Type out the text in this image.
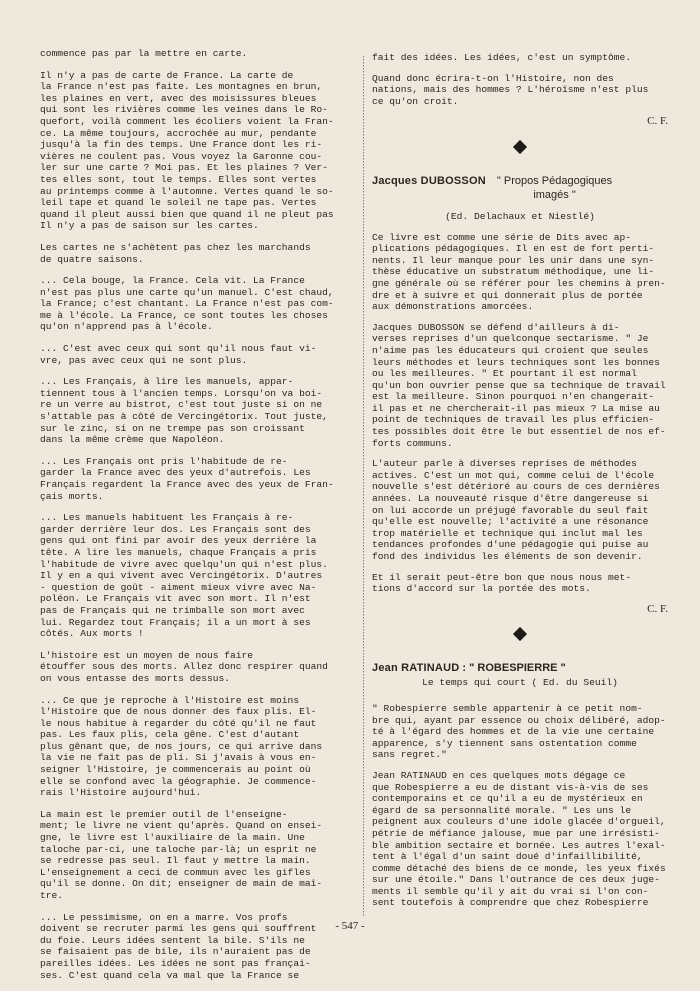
commence pas par la mettre en carte.

Il n'y a pas de carte de France. La carte de
la France n'est pas faite. Les montagnes en brun,
les plaines en vert, avec des moisissures bleues
qui sont les rivières comme les veines dans le Ro-
quefort, voilà comment les écoliers voient la Fran-
ce. La même toujours, accrochée au mur, pendante
jusqu'à la fin des temps. Une France dont les ri-
vières ne coulent pas. Vous voyez la Garonne cou-
ler sur une carte ? Moi pas. Et les plaines ? Ver-
tes elles sont, tout le temps. Elles sont vertes
au printemps comme à l'automne. Vertes quand le so-
leil tape et quand le soleil ne tape pas. Vertes
quand il pleut aussi bien que quand il ne pleut pas
Il n'y a pas de saison sur les cartes.

Les cartes ne s'achètent pas chez les marchands
de quatre saisons.

... Cela bouge, la France. Cela vit. La France
n'est pas plus une carte qu'un manuel. C'est chaud,
la France; c'est chantant. La France n'est pas com-
me à l'école. La France, ce sont toutes les choses
qu'on n'apprend pas à l'école.

... C'est avec ceux qui sont qu'il nous faut vi-
vre, pas avec ceux qui ne sont plus.

... Les Français, à lire les manuels, appar-
tiennent tous à l'ancien temps. Lorsqu'on va boi-
re un verre au bistrot, c'est tout juste si on ne
s'attable pas à côté de Vercingétorix. Tout juste,
sur le zinc, si on ne trempe pas son croissant
dans la même crème que Napoléon.

... Les Français ont pris l'habitude de re-
garder la France avec des yeux d'autrefois. Les
Français regardent la France avec des yeux de Fran-
çais morts.

... Les manuels habituent les Français à re-
garder derrière leur dos. Les Français sont des
gens qui ont fini par avoir des yeux derrière la
tête. A lire les manuels, chaque Français a pris
l'habitude de vivre avec quelqu'un qui n'est plus.
Il y en a qui vivent avec Vercingétorix. D'autres
- question de goût - aiment mieux vivre avec Na-
poléon. Le Français vit avec son mort. Il n'est
pas de Français qui ne trimballe son mort avec
lui. Regardez tout Français; il a un mort à ses
côtés. Aux morts !

L'histoire est un moyen de nous faire
étouffer sous des morts. Allez donc respirer quand
on vous entasse des morts dessus.

... Ce que je reproche à l'Histoire est moins
l'Histoire que de nous donner des faux plis. El-
le nous habitue à regarder du côté qu'il ne faut
pas. Les faux plis, cela gêne. C'est d'autant
plus gênant que, de nos jours, ce qui arrive dans
la vie ne fait pas de pli. Si j'avais à vous en-
seigner l'Histoire, je commencerais au point où
elle se confond avec la géographie. Je commence-
rais l'Histoire aujourd'hui.

La main est le premier outil de l'enseigne-
ment; le livre ne vient qu'après. Quand on ensei-
gne, le livre est l'auxiliaire de la main. Une
taloche par-ci, une taloche par-là; un esprit ne
se redresse pas seul. Il faut y mettre la main.
L'enseignement a ceci de commun avec les gifles
qu'il se donne. On dit; enseigner de main de maî-
tre.

... Le pessimisme, on en a marre. Vos profs
doivent se recruter parmi les gens qui souffrent
du foie. Leurs idées sentent la bile. S'ils ne
se faisaient pas de bile, ils n'auraient pas de
pareilles idées. Les idées ne sont pas françai-
ses. C'est quand cela va mal que la France se

fait des idées. Les idées, c'est un symptôme.

Quand donc écrira-t-on l'Histoire, non des
nations, mais des hommes ? L'héroïsme n'est plus
ce qu'on croit.

C. F.

Jacques DUBOSSON " Propos Pédagogiques
imagés "

(Ed. Delachaux et Niestlé)

Ce livre est comme une série de Dits avec ap-
plications pédagogiques. Il en est de fort perti-
nents. Il leur manque pour les unir dans une syn-
thèse éducative un substratum méthodique, une li-
gne générale où se référer pour les chemins à pren-
dre et à suivre et qui donnerait plus de portée
aux démonstrations amorcées.

Jacques DUBOSSON se défend d'ailleurs à di-
verses reprises d'un quelconque sectarisme. " Je
n'aime pas les éducateurs qui croient que seules
leurs méthodes et leurs techniques sont les bonnes
ou les meilleures. " Et pourtant il est normal
qu'un bon ouvrier pense que sa technique de travail
est la meilleure. Sinon pourquoi n'en changerait-
il pas et ne chercherait-il pas mieux ? La mise au
point de techniques de travail les plus efficien-
tes possibles doit être le but essentiel de nos ef-
forts communs.

L'auteur parle à diverses reprises de méthodes
actives. C'est un mot qui, comme celui de l'école
nouvelle s'est détérioré au cours de ces dernières
années. La nouveauté risque d'être dangereuse si
on lui accorde un préjugé favorable du seul fait
qu'elle est nouvelle; l'activité a une résonance
trop matérielle et technique qui inclut mal les
tendances profondes d'une pédagogie qui puise au
fond des individus les éléments de son devenir.

Et il serait peut-être bon que nous nous met-
tions d'accord sur la portée des mots.

C. F.

Jean RATINAUD : " ROBESPIERRE "

Le temps qui court ( Ed. du Seuil)

" Robespierre semble appartenir à ce petit nom-
bre qui, ayant par essence ou choix délibéré, adop-
té à l'égard des hommes et de la vie une certaine
apparence, s'y tiennent sans ostentation comme
sans regret."

Jean RATINAUD en ces quelques mots dégage ce
que Robespierre a eu de distant vis-à-vis de ses
contemporains et ce qu'il a eu de mystérieux en
égard de sa personnalité morale. " Les uns le
peignent aux couleurs d'une idole glacée d'orgueil,
pétrie de méfiance jalouse, mue par une irrésisti-
ble ambition sectaire et bornée. Les autres l'exal-
tent à l'égal d'un saint doué d'infaillibilité,
comme détaché des biens de ce monde, les yeux fixés
sur une étoile." Dans l'outrance de ces deux juge-
ments il semble qu'il y ait du vrai si l'on con-
sent toutefois à comprendre que chez Robespierre

- 547 -
